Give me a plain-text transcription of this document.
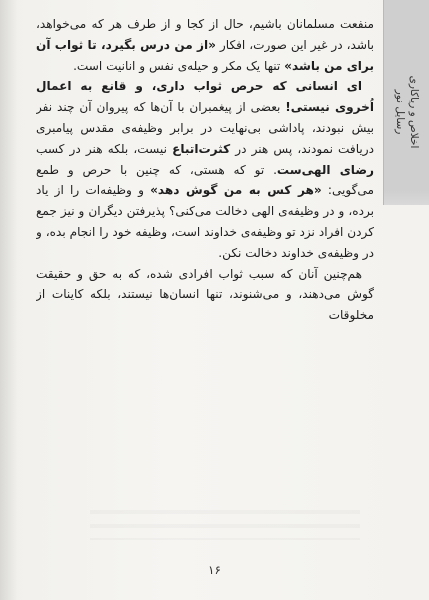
اخلاص و ریاکاری
رسایل نور

منفعت مسلمانان باشیم، حال از کجا و از طرف هر که می‌خواهد، باشد، در غیر این صورت، افکار «از من درس بگیرد، تا ثواب آن برای من باشد» تنها یک مکر و حیله‌ی نفس و انانیت است.

ای انسانی که حرص ثواب داری، و قانع به اعمال اُخروی نیستی! بعضی از پیغمبران با آن‌ها که پیروان آن چند نفر بیش نبودند، پاداشی بی‌نهایت در برابر وظیفه‌ی مقدس پیامبری دریافت نمودند، پس هنر در کثرت‌اتباع نیست، بلکه هنر در کسب رضای الهی‌ست. تو که هستی، که چنین با حرص و طمع می‌گویی: «هر کس به من گوش دهد» و وظیفه‌ات را از یاد برده، و در وظیفه‌ی الهی دخالت می‌کنی؟ پذیرفتن دیگران و نیز جمع کردن افراد نزد تو وظیفه‌ی خداوند است، وظیفه خود را انجام بده، و در وظیفه‌ی خداوند دخالت نکن.

هم‌چنین آنان که سبب ثواب افرادی شده، که به حق و حقیقت گوش می‌دهند، و می‌شنوند، تنها انسان‌ها نیستند، بلکه کاینات از مخلوقات

۱۶
